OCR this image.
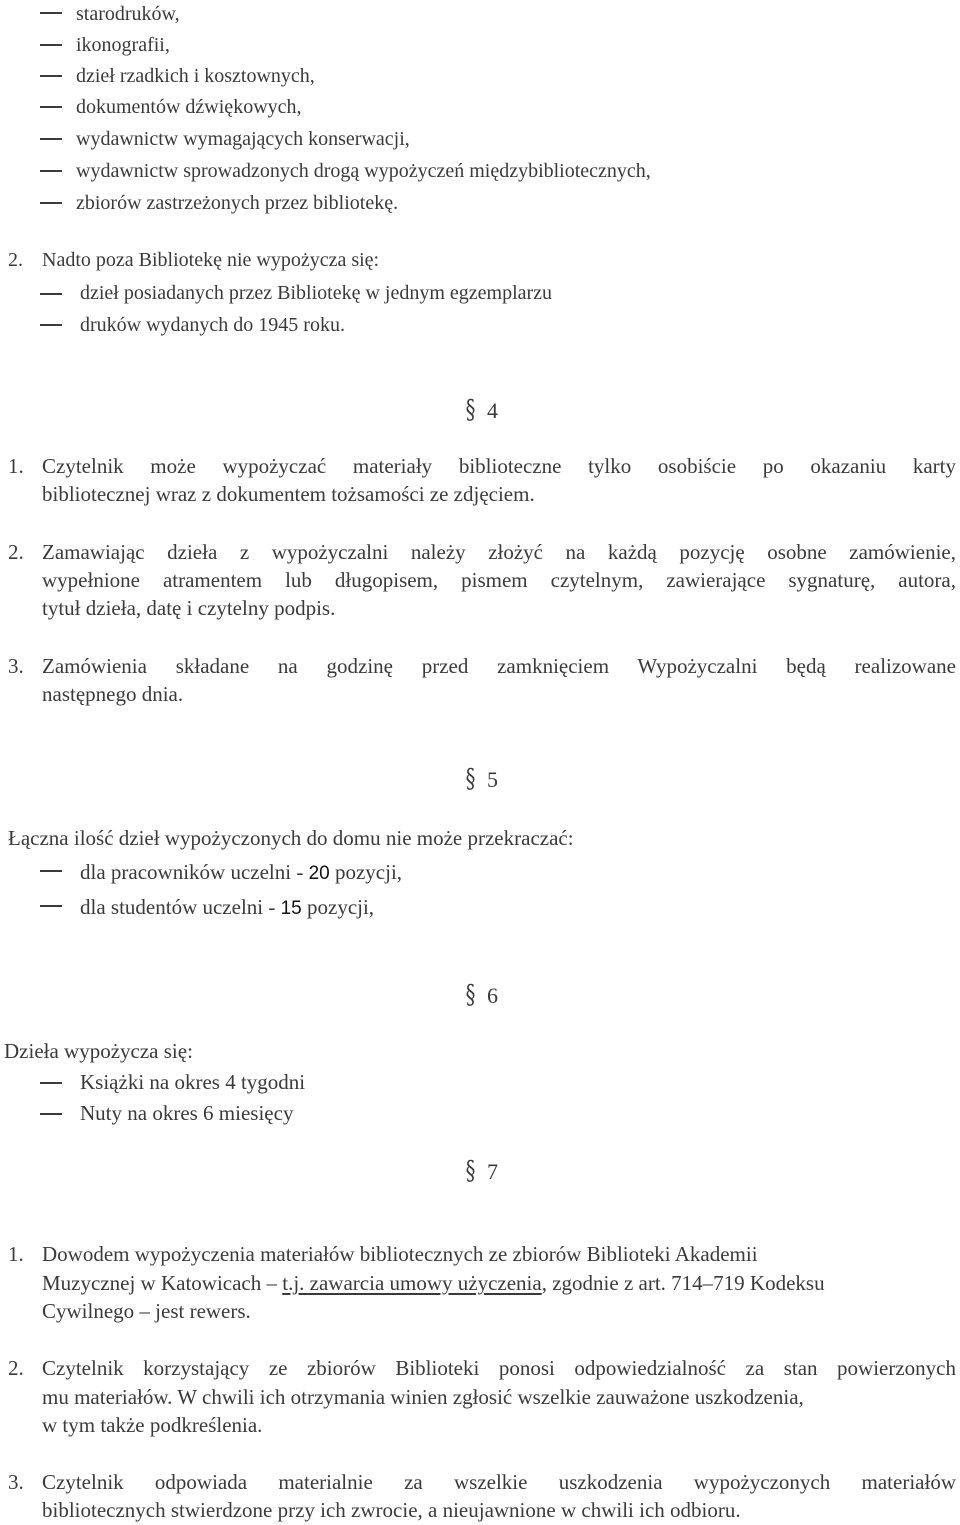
starodruków,
ikonografii,
dzieł rzadkich i kosztownych,
dokumentów dźwiękowych,
wydawnictw wymagających konserwacji,
wydawnictw sprowadzonych drogą wypożyczeń międzybibliotecznych,
zbiorów zastrzeżonych przez bibliotekę.
2. Nadto poza Bibliotekę nie wypożycza się:
dzieł posiadanych przez Bibliotekę w jednym egzemplarzu
druków wydanych do 1945 roku.
§ 4
1. Czytelnik może wypożyczać materiały biblioteczne tylko osobiście po okazaniu karty
bibliotecznej wraz z dokumentem tożsamości ze zdjęciem.
2. Zamawiając dzieła z wypożyczalni należy złożyć na każdą pozycję osobne zamówienie,
wypełnione atramentem lub długopisem, pismem czytelnym, zawierające sygnaturę, autora,
tytuł dzieła, datę i czytelny podpis.
3. Zamówienia składane na godzinę przed zamknięciem Wypożyczalni będą realizowane
następnego dnia.
§ 5
Łączna ilość dzieł wypożyczonych do domu nie może przekraczać:
dla pracowników uczelni - 20 pozycji,
dla studentów uczelni - 15 pozycji,
§ 6
Dzieła wypożycza się:
Książki na okres 4 tygodni
Nuty na okres 6 miesięcy
§ 7
1. Dowodem wypożyczenia materiałów bibliotecznych ze zbiorów Biblioteki Akademii
Muzycznej w Katowicach – t.j. zawarcia umowy użyczenia, zgodnie z art. 714–719 Kodeksu
Cywilnego – jest rewers.
2. Czytelnik korzystający ze zbiorów Biblioteki ponosi odpowiedzialność za stan powierzonych
mu materiałów. W chwili ich otrzymania winien zgłosić wszelkie zauważone uszkodzenia,
w tym także podkreślenia.
3. Czytelnik odpowiada materialnie za wszelkie uszkodzenia wypożyczonych materiałów
bibliotecznych stwierdzone przy ich zwrocie, a nieujawnione w chwili ich odbioru.
